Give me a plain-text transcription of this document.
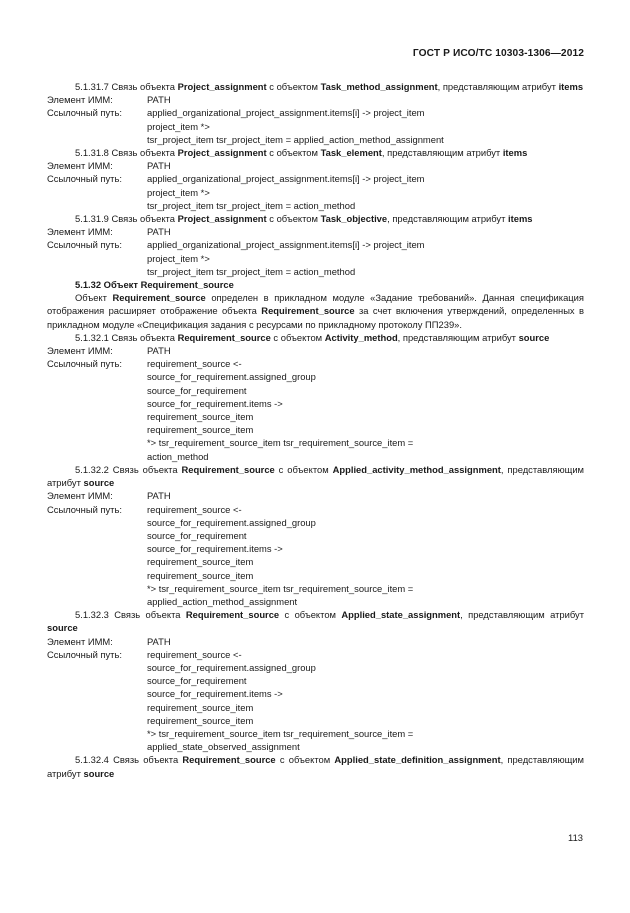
ГОСТ Р ИСО/ТС 10303-1306—2012

5.1.31.7 Связь объекта Project_assignment с объектом Task_method_assignment, представляющим атрибут items

Элемент ИММ:	PATH
Ссылочный путь:	applied_organizational_project_assignment.items[i] -> project_item
project_item *>
tsr_project_item tsr_project_item = applied_action_method_assignment

5.1.31.8 Связь объекта Project_assignment с объектом Task_element, представляющим атрибут items

Элемент ИММ:	PATH
Ссылочный путь:	applied_organizational_project_assignment.items[i] -> project_item
project_item *>
tsr_project_item tsr_project_item = action_method

5.1.31.9 Связь объекта Project_assignment с объектом Task_objective, представляющим атрибут items

Элемент ИММ:	PATH
Ссылочный путь:	applied_organizational_project_assignment.items[i] -> project_item
project_item *>
tsr_project_item tsr_project_item = action_method

5.1.32 Объект Requirement_source

Объект Requirement_source определен в прикладном модуле «Задание требований». Данная спецификация отображения расширяет отображение объекта Requirement_source за счет включения утверждений, определенных в прикладном модуле «Спецификация задания с ресурсами по прикладному протоколу ПП239».

5.1.32.1 Связь объекта Requirement_source с объектом Activity_method, представляющим атрибут source

Элемент ИММ:	PATH
Ссылочный путь:	requirement_source <-
source_for_requirement.assigned_group
source_for_requirement
source_for_requirement.items ->
requirement_source_item
requirement_source_item
*> tsr_requirement_source_item tsr_requirement_source_item =
action_method

5.1.32.2 Связь объекта Requirement_source с объектом Applied_activity_method_assignment, представляющим атрибут source

Элемент ИММ:	PATH
Ссылочный путь:	requirement_source <-
source_for_requirement.assigned_group
source_for_requirement
source_for_requirement.items ->
requirement_source_item
requirement_source_item
*> tsr_requirement_source_item tsr_requirement_source_item =
applied_action_method_assignment

5.1.32.3 Связь объекта Requirement_source с объектом Applied_state_assignment, представляющим атрибут source

Элемент ИММ:	PATH
Ссылочный путь:	requirement_source <-
source_for_requirement.assigned_group
source_for_requirement
source_for_requirement.items ->
requirement_source_item
requirement_source_item
*> tsr_requirement_source_item tsr_requirement_source_item =
applied_state_observed_assignment

5.1.32.4 Связь объекта Requirement_source с объектом Applied_state_definition_assignment, представляющим атрибут source

113
